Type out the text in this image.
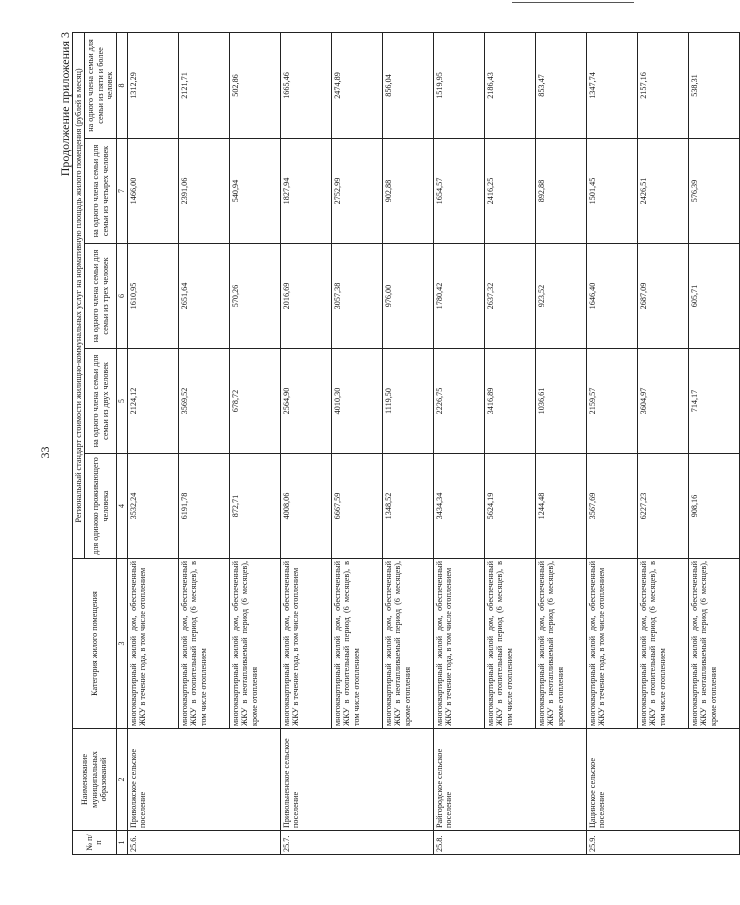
33
Продолжение приложения 3
№ п/п	Наименование муниципальных образований	Категория жилого помещения	Региональный стандарт стоимости жилищно-коммунальных услуг на нормативную площадь жилого помещения (рублей в месяц)				
			для одиноко проживающего человека	на одного члена семьи для семьи из двух человек	на одного члена семьи для семьи из трех человек	на одного члена семьи для семьи из четырех человек	на одного члена семьи для семьи из пяти и более человек
1	2	3	4	5	6	7	8
25.6.	Приволжское сельское поселение	многоквартирный жилой дом, обеспеченный ЖКУ в течение года, в том числе отоплением	3532,24	2124,12	1610,95	1466,00	1312,29
		многоквартирный жилой дом, обеспеченный ЖКУ в отопительный период (6 месяцев), в том числе отоплением	6191,78	3569,52	2651,64	2391,06	2121,71
		многоквартирный жилой дом, обеспеченный ЖКУ в неотапливаемый период (6 месяцев), кроме отопления	872,71	678,72	570,26	540,94	502,86
25.7.	Привольненское сельское поселение	многоквартирный жилой дом, обеспеченный ЖКУ в течение года, в том числе отоплением	4008,06	2564,90	2016,69	1827,94	1665,46
		многоквартирный жилой дом, обеспеченный ЖКУ в отопительный период (6 месяцев), в том числе отоплением	6667,59	4010,30	3057,38	2752,99	2474,89
		многоквартирный жилой дом, обеспеченный ЖКУ в неотапливаемый период (6 месяцев), кроме отопления	1348,52	1119,50	976,00	902,88	856,04
25.8.	Райгородское сельское поселение	многоквартирный жилой дом, обеспеченный ЖКУ в течение года, в том числе отоплением	3434,34	2226,75	1780,42	1654,57	1519,95
		многоквартирный жилой дом, обеспеченный ЖКУ в отопительный период (6 месяцев), в том числе отоплением	5624,19	3416,89	2637,32	2416,25	2186,43
		многоквартирный жилой дом, обеспеченный ЖКУ в неотапливаемый период (6 месяцев), кроме отопления	1244,48	1036,61	923,52	892,88	853,47
25.9.	Цацинское сельское поселение	многоквартирный жилой дом, обеспеченный ЖКУ в течение года, в том числе отоплением	3567,69	2159,57	1646,40	1501,45	1347,74
		многоквартирный жилой дом, обеспеченный ЖКУ в отопительный период (6 месяцев), в том числе отоплением	6227,23	3604,97	2687,09	2426,51	2157,16
		многоквартирный жилой дом, обеспеченный ЖКУ в неотапливаемый период (6 месяцев), кроме отопления	908,16	714,17	605,71	576,39	538,31
